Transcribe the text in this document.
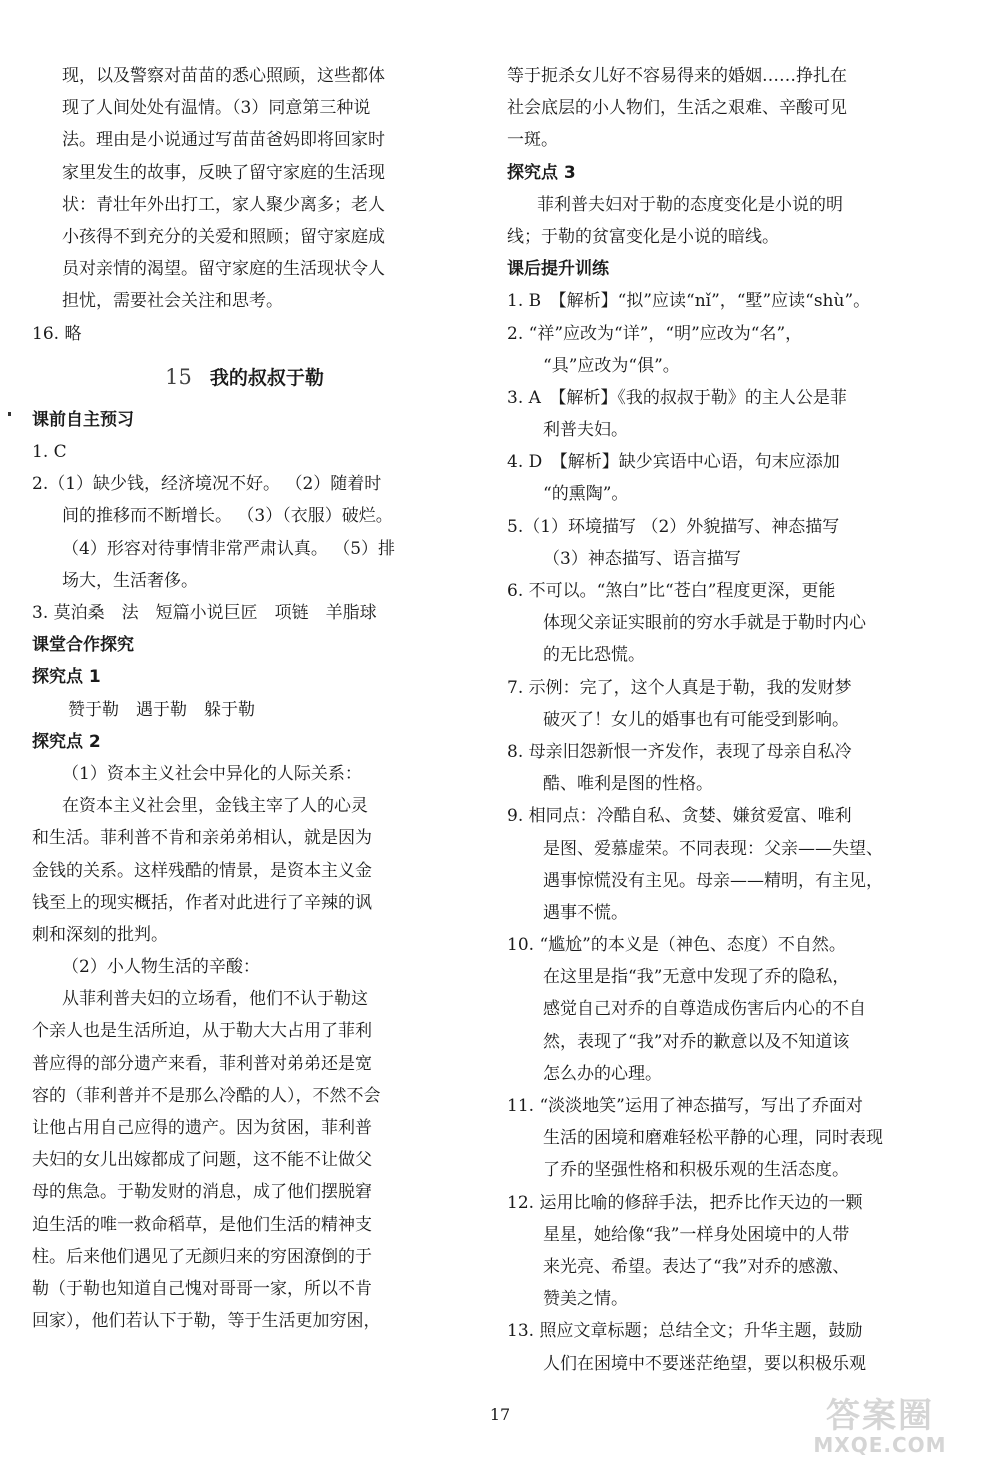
现，以及警察对苗苗的悉心照顾，这些都体
现了人间处处有温情。（3）同意第三种说
法。理由是小说通过写苗苗爸妈即将回家时
家里发生的故事，反映了留守家庭的生活现
状：青壮年外出打工，家人聚少离多；老人
小孩得不到充分的关爱和照顾；留守家庭成
员对亲情的渴望。留守家庭的生活现状令人
担忧，需要社会关注和思考。
16. 略
15 我的叔叔于勒
课前自主预习
1. C
2.（1）缺少钱，经济境况不好。 （2）随着时
间的推移而不断增长。 （3）（衣服）破烂。
（4）形容对待事情非常严肃认真。 （5）排
场大，生活奢侈。
3. 莫泊桑　法　短篇小说巨匠　项链　羊脂球
课堂合作探究
探究点 1
赞于勒　遇于勒　躲于勒
探究点 2
（1）资本主义社会中异化的人际关系：
在资本主义社会里，金钱主宰了人的心灵
和生活。菲利普不肯和亲弟弟相认，就是因为
金钱的关系。这样残酷的情景，是资本主义金
钱至上的现实概括，作者对此进行了辛辣的讽
刺和深刻的批判。
（2）小人物生活的辛酸：
从菲利普夫妇的立场看，他们不认于勒这
个亲人也是生活所迫，从于勒大大占用了菲利
普应得的部分遗产来看，菲利普对弟弟还是宽
容的（菲利普并不是那么冷酷的人），不然不会
让他占用自己应得的遗产。因为贫困，菲利普
夫妇的女儿出嫁都成了问题，这不能不让做父
母的焦急。于勒发财的消息，成了他们摆脱窘
迫生活的唯一救命稻草，是他们生活的精神支
柱。后来他们遇见了无颜归来的穷困潦倒的于
勒（于勒也知道自己愧对哥哥一家，所以不肯
回家），他们若认下于勒，等于生活更加穷困，
等于扼杀女儿好不容易得来的婚姻……挣扎在
社会底层的小人物们，生活之艰难、辛酸可见
一斑。
探究点 3
菲利普夫妇对于勒的态度变化是小说的明
线；于勒的贫富变化是小说的暗线。
课后提升训练
1. B　【解析】“拟”应读“nǐ”，“墅”应读“shù”。
2. “祥”应改为“详”，“明”应改为“名”，
“具”应改为“俱”。
3. A　【解析】《我的叔叔于勒》的主人公是菲
利普夫妇。
4. D　【解析】缺少宾语中心语，句末应添加
“的熏陶”。
5.（1）环境描写 （2）外貌描写、神态描写
（3）神态描写、语言描写
6. 不可以。“煞白”比“苍白”程度更深，更能
体现父亲证实眼前的穷水手就是于勒时内心
的无比恐慌。
7. 示例：完了，这个人真是于勒，我的发财梦
破灭了！女儿的婚事也有可能受到影响。
8. 母亲旧怨新恨一齐发作，表现了母亲自私冷
酷、唯利是图的性格。
9. 相同点：冷酷自私、贪婪、嫌贫爱富、唯利
是图、爱慕虚荣。不同表现：父亲——失望、
遇事惊慌没有主见。母亲——精明，有主见，
遇事不慌。
10. “尴尬”的本义是（神色、态度）不自然。
在这里是指“我”无意中发现了乔的隐私，
感觉自己对乔的自尊造成伤害后内心的不自
然，表现了“我”对乔的歉意以及不知道该
怎么办的心理。
11. “淡淡地笑”运用了神态描写，写出了乔面对
生活的困境和磨难轻松平静的心理，同时表现
了乔的坚强性格和积极乐观的生活态度。
12. 运用比喻的修辞手法，把乔比作天边的一颗
星星，她给像“我”一样身处困境中的人带
来光亮、希望。表达了“我”对乔的感激、
赞美之情。
13. 照应文章标题；总结全文；升华主题，鼓励
人们在困境中不要迷茫绝望，要以积极乐观
17	答案圈
MXQE.COM
